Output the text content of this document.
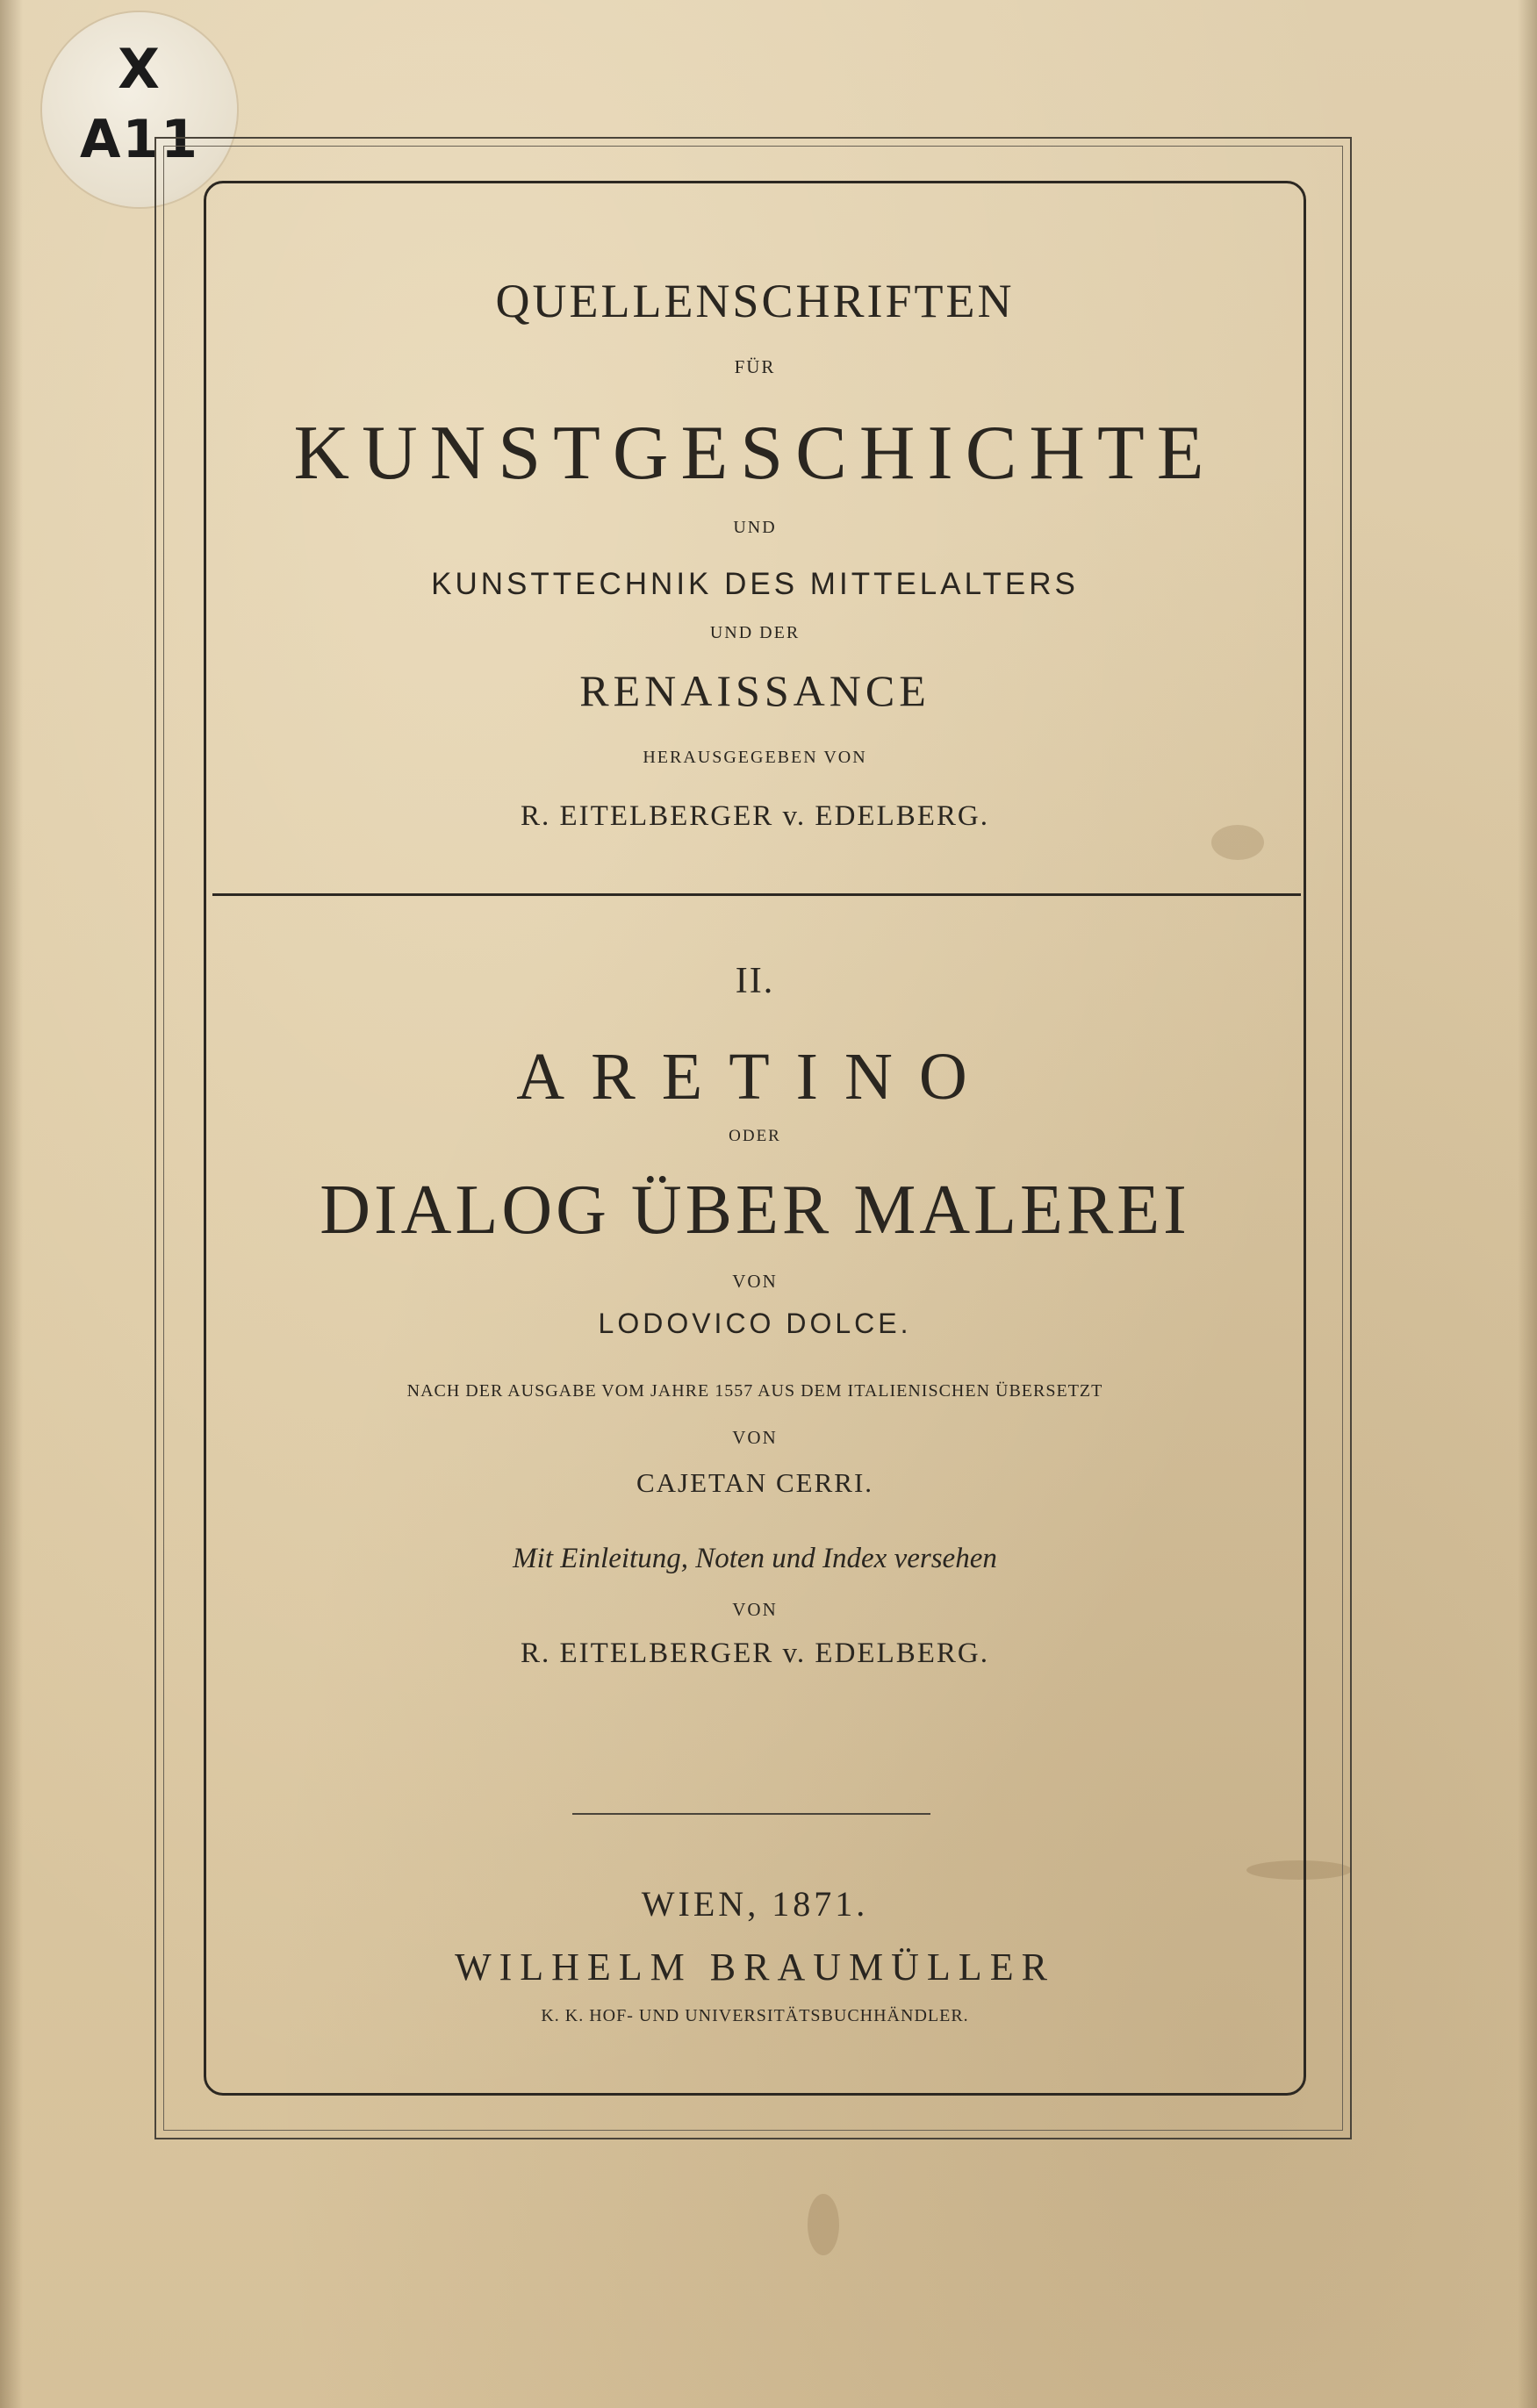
X
A11
QUELLENSCHRIFTEN
FÜR
KUNSTGESCHICHTE
UND
KUNSTTECHNIK DES MITTELALTERS
UND DER
RENAISSANCE
HERAUSGEGEBEN VON
R. EITELBERGER v. EDELBERG.
II.
ARETINO
ODER
DIALOG ÜBER MALEREI
VON
LODOVICO DOLCE.
NACH DER AUSGABE VOM JAHRE 1557 AUS DEM ITALIENISCHEN ÜBERSETZT
VON
CAJETAN CERRI.
Mit Einleitung, Noten und Index versehen
VON
R. EITELBERGER v. EDELBERG.
WIEN, 1871.
WILHELM BRAUMÜLLER
K. K. HOF- UND UNIVERSITÄTSBUCHHÄNDLER.
